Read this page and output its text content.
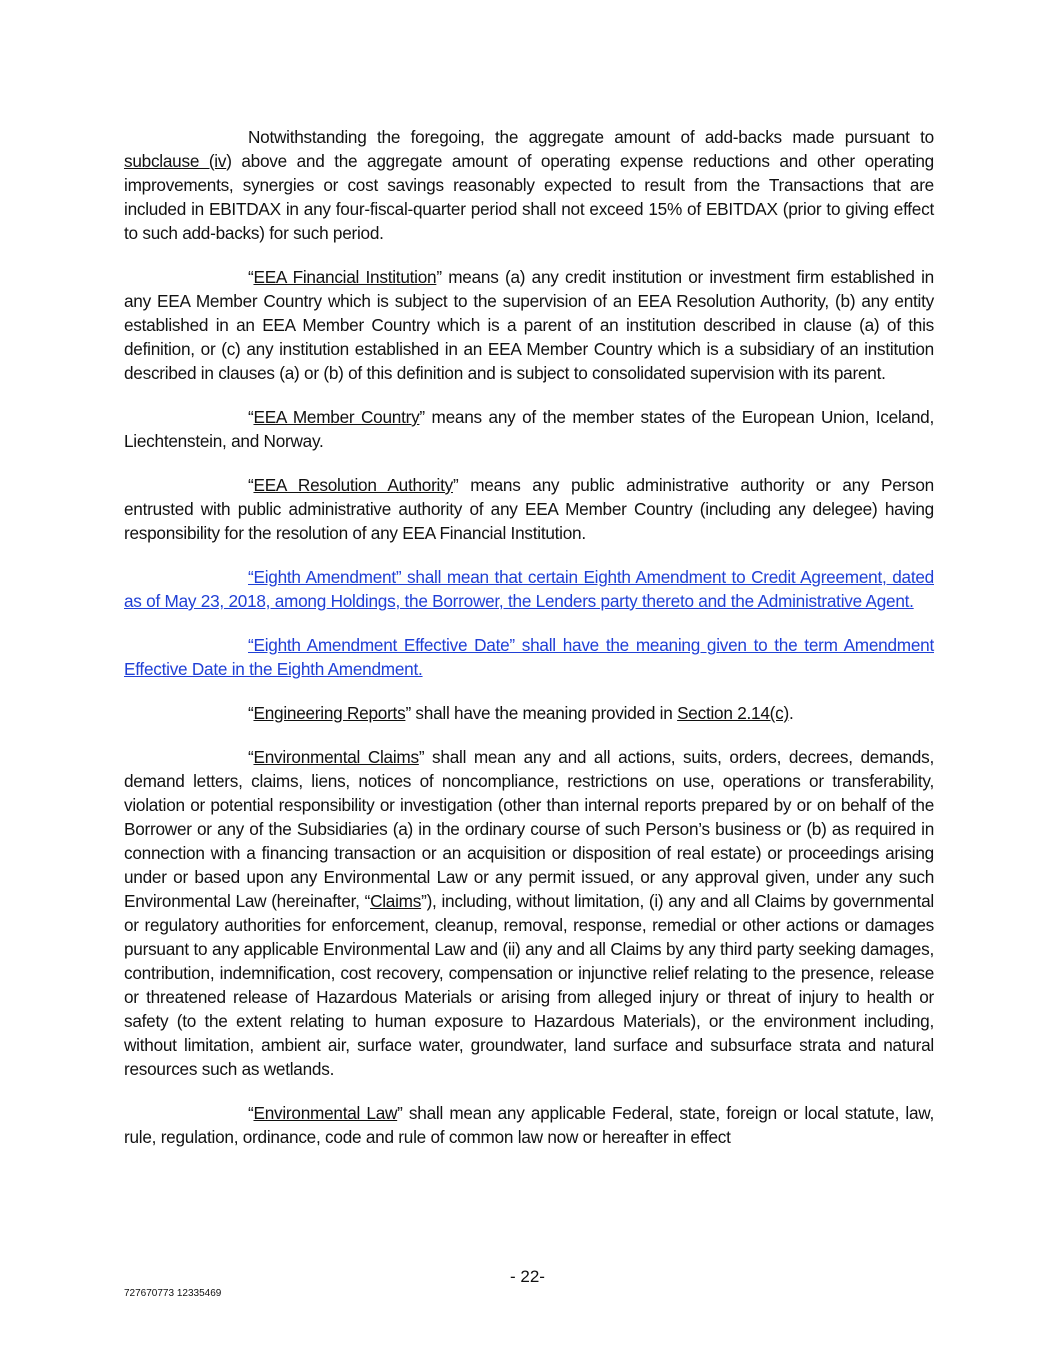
Notwithstanding the foregoing, the aggregate amount of add-backs made pursuant to subclause (iv) above and the aggregate amount of operating expense reductions and other operating improvements, synergies or cost savings reasonably expected to result from the Transactions that are included in EBITDAX in any four-fiscal-quarter period shall not exceed 15% of EBITDAX (prior to giving effect to such add-backs) for such period.

“EEA Financial Institution” means (a) any credit institution or investment firm established in any EEA Member Country which is subject to the supervision of an EEA Resolution Authority, (b) any entity established in an EEA Member Country which is a parent of an institution described in clause (a) of this definition, or (c) any institution established in an EEA Member Country which is a subsidiary of an institution described in clauses (a) or (b) of this definition and is subject to consolidated supervision with its parent.

“EEA Member Country” means any of the member states of the European Union, Iceland, Liechtenstein, and Norway.

“EEA Resolution Authority” means any public administrative authority or any Person entrusted with public administrative authority of any EEA Member Country (including any delegee) having responsibility for the resolution of any EEA Financial Institution.

“Eighth Amendment” shall mean that certain Eighth Amendment to Credit Agreement, dated as of May 23, 2018, among Holdings, the Borrower, the Lenders party thereto and the Administrative Agent.

“Eighth Amendment Effective Date” shall have the meaning given to the term Amendment Effective Date in the Eighth Amendment.

“Engineering Reports” shall have the meaning provided in Section 2.14(c).

“Environmental Claims” shall mean any and all actions, suits, orders, decrees, demands, demand letters, claims, liens, notices of noncompliance, restrictions on use, operations or transferability, violation or potential responsibility or investigation (other than internal reports prepared by or on behalf of the Borrower or any of the Subsidiaries (a) in the ordinary course of such Person’s business or (b) as required in connection with a financing transaction or an acquisition or disposition of real estate) or proceedings arising under or based upon any Environmental Law or any permit issued, or any approval given, under any such Environmental Law (hereinafter, “Claims”), including, without limitation, (i) any and all Claims by governmental or regulatory authorities for enforcement, cleanup, removal, response, remedial or other actions or damages pursuant to any applicable Environmental Law and (ii) any and all Claims by any third party seeking damages, contribution, indemnification, cost recovery, compensation or injunctive relief relating to the presence, release or threatened release of Hazardous Materials or arising from alleged injury or threat of injury to health or safety (to the extent relating to human exposure to Hazardous Materials), or the environment including, without limitation, ambient air, surface water, groundwater, land surface and subsurface strata and natural resources such as wetlands.

“Environmental Law” shall mean any applicable Federal, state, foreign or local statute, law, rule, regulation, ordinance, code and rule of common law now or hereafter in effect

- 22-
727670773 12335469
